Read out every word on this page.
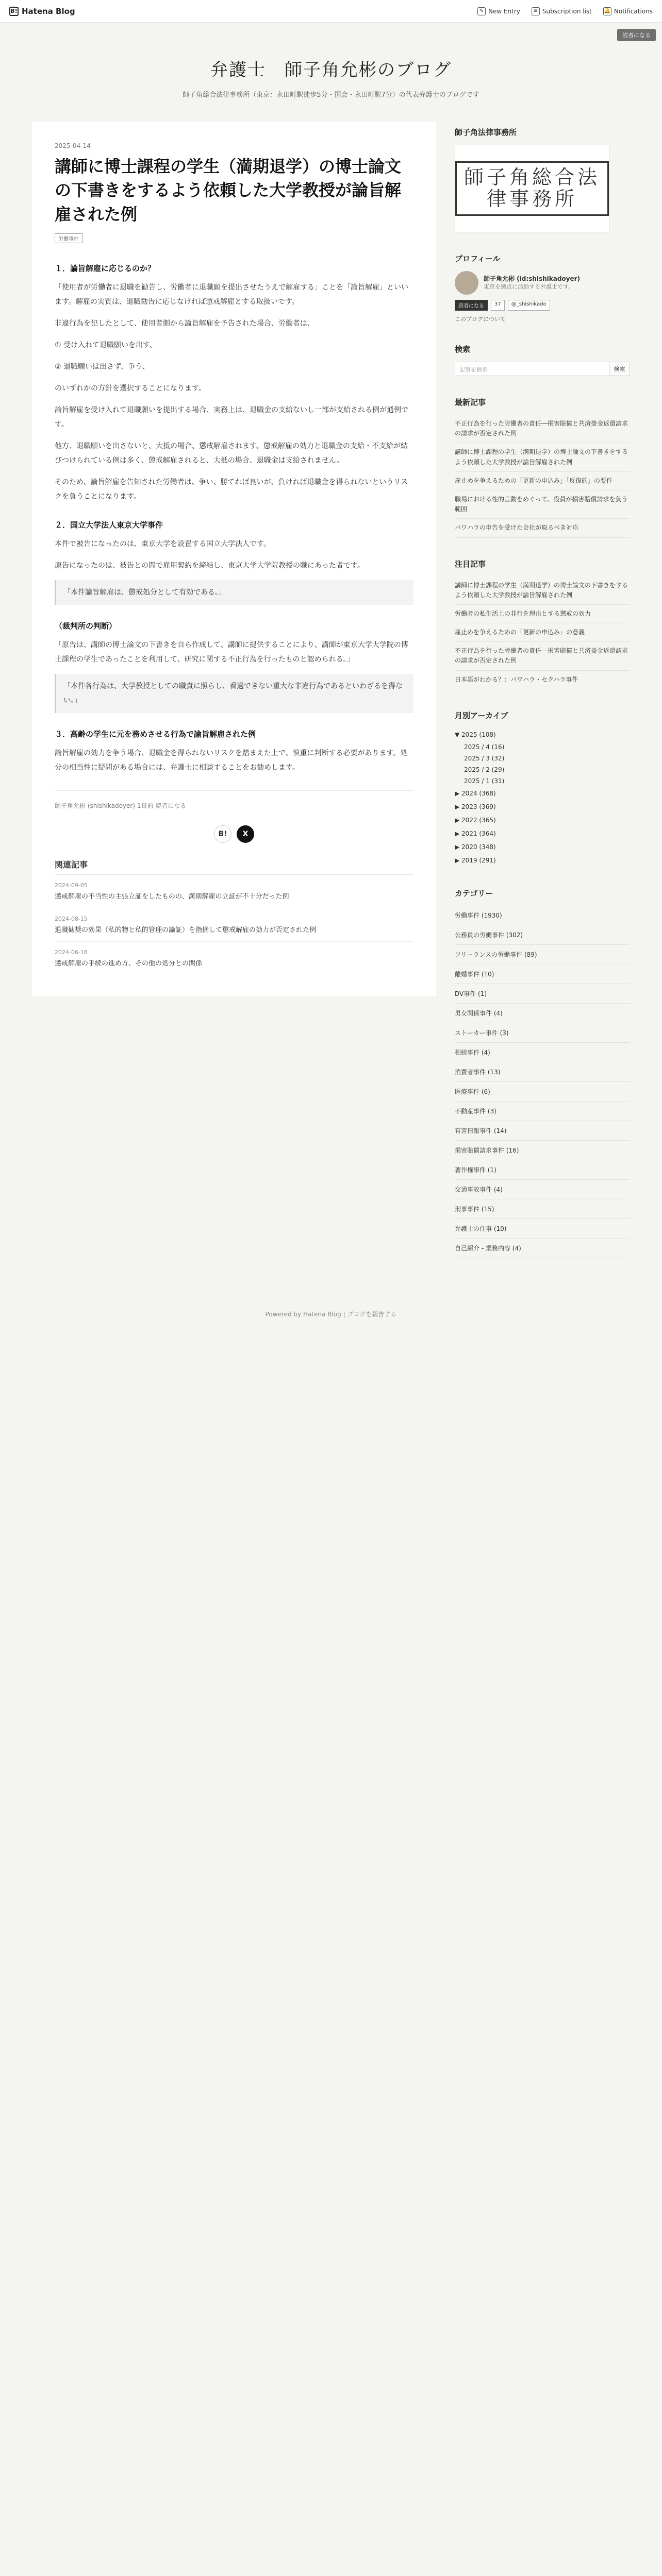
B! Hatena Blog	✎ New Entry	≡ Subscription list 🔔 Notifications
読者になる
弁護士　師子角允彬のブログ
師子角総合法律事務所（東京：永田町駅徒歩5分・国会・永田町駅7分）の代表弁護士のブログです
2025-04-14
講師に博士課程の学生（満期退学）の博士論文の下書きをするよう依頼した大学教授が論旨解雇された例
労働事件
１．論旨解雇に応じるのか？

「使用者が労働者に退職を勧告し、労働者に退職願を提出させたうえで解雇する」ことを「論旨解雇」といいます。解雇の実質は、退職勧告に応じなければ懲戒解雇とする取扱いです。

非違行為を犯したとして、使用者側から論旨解雇を予告された場合、労働者は、

① 受け入れて退職願いを出す、

② 退職願いは出さず、争う、

のいずれかの方針を選択することになります。

論旨解雇を受け入れて退職願いを提出する場合、実務上は、退職金の支給ないし一部が支給される例が通例です。

他方、退職願いを出さないと、大抵の場合、懲戒解雇されます。懲戒解雇の効力と退職金の支給・不支給が結びつけられている例は多く、懲戒解雇されると、大抵の場合、退職金は支給されません。

そのため、論旨解雇を告知された労働者は、争い、勝てれば良いが、負ければ退職金を得られないというリスクを負うことになります。

２．国立大学法人東京大学事件

本件で被告になったのは、東京大学を設置する国立大学法人です。

原告になったのは、被告との間で雇用契約を締結し、東京大学大学院教授の職にあった者です。

「本件論旨解雇は、懲戒処分として有効である。」
（裁判所の判断）

「原告は、講師の博士論文の下書きを自ら作成して、講師に提供することにより、講師が東京大学大学院の博士課程の学生であったことを利用して、研究に関する不正行為を行ったものと認められる。」

「本件各行為は、大学教授としての職責に照らし、看過できない重大な非違行為であるといわざるを得ない。」
３．高齢の学生に元を務めさせる行為で諭旨解雇された例

論旨解雇の効力を争う場合、退職金を得られないリスクを踏まえた上で、慎重に判断する必要があります。処分の相当性に疑問がある場合には、弁護士に相談することをお勧めします。

師子角允彬 (shishikadoyer) 1日前 読者になる
B!	X
関連記事
2024-09-05
懲戒解雇の不当性の主張立証をしたものの、満期解雇の立証が不十分だった例
2024-08-15
退職勧奨の効果（私的物と私的管理の論証）を指摘して懲戒解雇の効力が否定された例
2024-06-18
懲戒解雇の手続の進め方、その他の処分との関係
師子角法律事務所
師子角総合法律事務所
プロフィール
師子角允彬 (id:shishikadoyer)
東京を拠点に活動する弁護士です。
読者になる	37	@_shishikado
このブログについて
検索
記事を検索	検索
最新記事
不正行為を行った労働者の責任―損害賠償と共済掛金返還請求の請求が否定された例
講師に博士課程の学生（満期退学）の博士論文の下書きをするよう依頼した大学教授が論旨解雇された例
雇止めを争えるための「更新の申込み」「反復的」の要件
職場における性的言動をめぐって、役員が損害賠償請求を負う範囲
パワハラの申告を受けた会社が取るべき対応
注目記事
講師に博士課程の学生（満期退学）の博士論文の下書きをするよう依頼した大学教授が論旨解雇された例
労働者の私生活上の非行を理由とする懲戒の効力
雇止めを争えるための「更新の申込み」の意義
不正行為を行った労働者の責任―損害賠償と共済掛金返還請求の請求が否定された例
日本語がわかる？：パワハラ・セクハラ事件
月別アーカイブ
▼ 2025 (108)
2025 / 4 (16)
2025 / 3 (32)
2025 / 2 (29)
2025 / 1 (31)
▶ 2024 (368)
▶ 2023 (369)
▶ 2022 (365)
▶ 2021 (364)
▶ 2020 (348)
▶ 2019 (291)
カテゴリー
労働事件 (1930)
公務員の労働事件 (302)
フリーランスの労働事件 (89)
離婚事件 (10)
DV事件 (1)
男女関係事件 (4)
ストーカー事件 (3)
相続事件 (4)
消費者事件 (13)
医療事件 (6)
不動産事件 (3)
有害情報事件 (14)
損害賠償請求事件 (16)
著作権事件 (1)
交通事故事件 (4)
刑事事件 (15)
弁護士の仕事 (10)
自己紹介 - 業務内容 (4)
Powered by Hatena Blog | ブログを報告する
